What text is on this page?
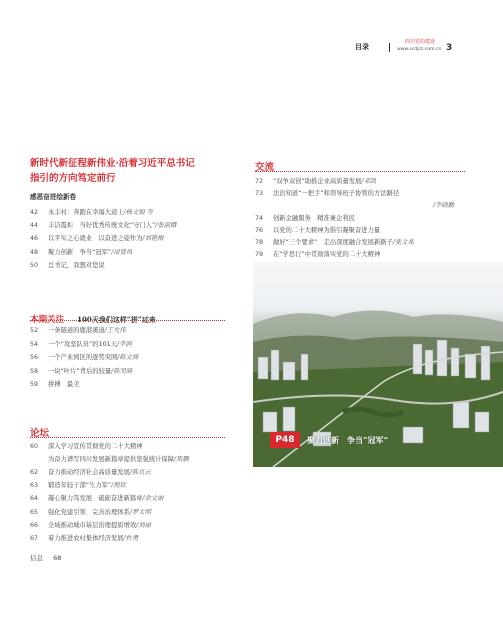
目录
四川党的建设
www.scdjzz.com.cn 3
新时代新征程新伟业·沿着习近平总书记
指引的方向笃定前行
感恩奋进绘新卷
42 永丰村：奔跑在幸福大道上/杨文娟 等
44 丰洁霞炬　当好优秀传统文化“守门人”/张淑娥
46 以平实之心就业　以奋进之姿作为/刘艳梅
48 聚力创新　争当“冠军”/周贤凤
50 总书记，我想对您说
本期关注 100天我们这样“拼”过来
52 一条隧道的鹿港溪道/王允伟
54 一个“攻坚队员”的101天/李润
56 一个产业园区的逐势突围/陈文扬
58 一块“叶片”背后的较量/陈昊旸
59 拼搏　最美
交流
72 “双争双创”助推企业高质量发展/邓凯
73 法治知道“一把手”和领导班子协管的方法路径
/李晓勤
74 创新金融服务　精准兼企利民
76 以党的二十大精神为指引凝聚奋进力量
78 做好“三个要求”　走出深度融合发展新路子/张文兆
79 在“学思行”中贯彻落实党的二十大精神
论坛
60 深入学习宣传贯彻党的二十大精神
为奋力谱写四川发展新篇章提供坚强统计保障/焦鹏
62 奋力推动经济社会高质量发展/陈良云
63 锻造年轻干部“生力军”/倪钦
64 凝心聚力笃发展　砥砺奋进新篇章/余文丽
65 强化党建引领　完善治理体系/罗太明
66 全域推动城市基层治理提质增效/刘丽
67 着力推进农村集体经济发展/杜勇
P48	聚力创新　争当“冠军”
信息 68
